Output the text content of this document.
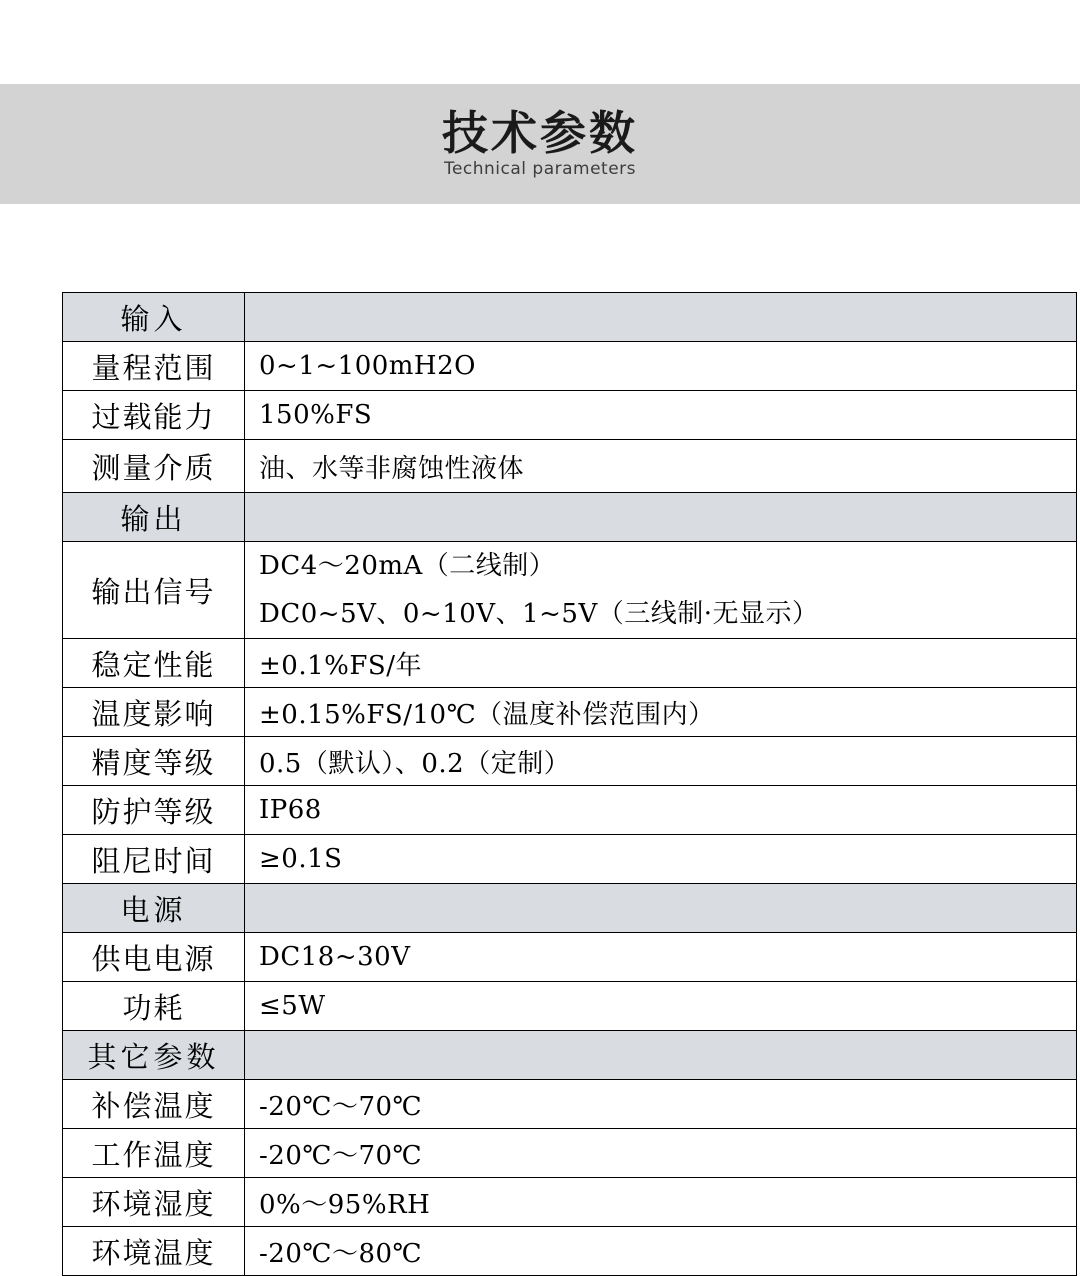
技术参数
Technical parameters
输入	
量程范围	0~1~100mH2O
过载能力	150%FS
测量介质	油、水等非腐蚀性液体
输出	
输出信号	DC4～20mA（二线制）
DC0~5V、0~10V、1~5V（三线制·无显示）

稳定性能	±0.1%FS/年
温度影响	±0.15%FS/10℃（温度补偿范围内）
精度等级	0.5（默认）、0.2（定制）
防护等级	IP68
阻尼时间	≥0.1S
电源	
供电电源	DC18~30V
功耗	≤5W
其它参数	
补偿温度	-20℃～70℃
工作温度	-20℃～70℃
环境湿度	0%～95%RH
环境温度	-20℃～80℃
